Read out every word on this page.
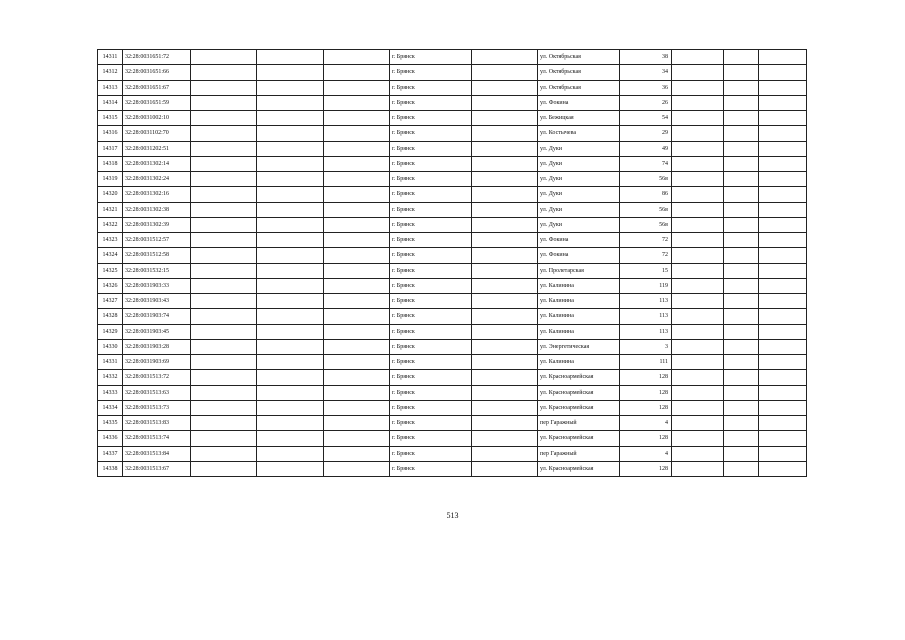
14311	32:28:0031651:72				г. Брянск		ул. Октябрьская	38			
14312	32:28:0031651:66				г. Брянск		ул. Октябрьская	34			
14313	32:28:0031651:67				г. Брянск		ул. Октябрьская	36			
14314	32:28:0031651:59				г. Брянск		ул. Фокина	26			
14315	32:28:0031002:10				г. Брянск		ул. Бежицкая	54			
14316	32:28:0031102:70				г. Брянск		ул. Костычева	29			
14317	32:28:0031202:51				г. Брянск		ул. Дуки	49			
14318	32:28:0031302:14				г. Брянск		ул. Дуки	74			
14319	32:28:0031302:24				г. Брянск		ул. Дуки	56в			
14320	32:28:0031302:16				г. Брянск		ул. Дуки	86			
14321	32:28:0031302:38				г. Брянск		ул. Дуки	56в			
14322	32:28:0031302:39				г. Брянск		ул. Дуки	56в			
14323	32:28:0031512:57				г. Брянск		ул. Фокина	72			
14324	32:28:0031512:58				г. Брянск		ул. Фокина	72			
14325	32:28:0031532:15				г. Брянск		ул. Пролетарская	15			
14326	32:28:0031903:33				г. Брянск		ул. Калинина	119			
14327	32:28:0031903:43				г. Брянск		ул. Калинина	113			
14328	32:28:0031903:74				г. Брянск		ул. Калинина	113			
14329	32:28:0031903:45				г. Брянск		ул. Калинина	113			
14330	32:28:0031903:28				г. Брянск		ул. Энергетическая	3			
14331	32:28:0031903:69				г. Брянск		ул. Калинина	111			
14332	32:28:0031513:72				г. Брянск		ул. Красноармейская	128			
14333	32:28:0031513:63				г. Брянск		ул. Красноармейская	128			
14334	32:28:0031513:73				г. Брянск		ул. Красноармейская	128			
14335	32:28:0031513:83				г. Брянск		пер Гаражный	4			
14336	32:28:0031513:74				г. Брянск		ул. Красноармейская	128			
14337	32:28:0031513:84				г. Брянск		пер Гаражный	4			
14338	32:28:0031513:67				г. Брянск		ул. Красноармейская	128			
513
